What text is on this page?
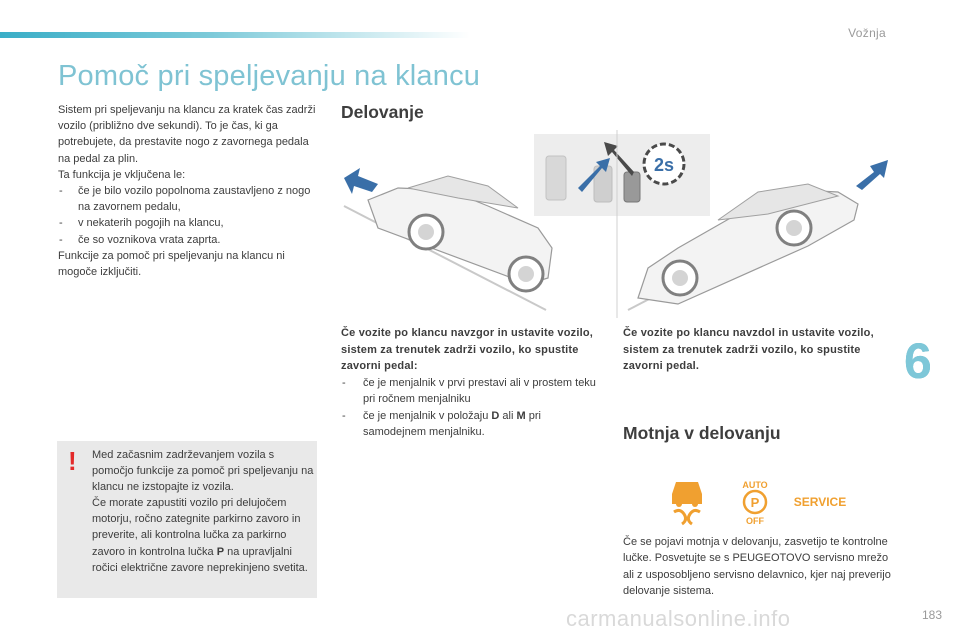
Vožnja
Pomoč pri speljevanju na klancu

Sistem pri speljevanju na klancu za kratek čas zadrži vozilo (približno dve sekundi). To je čas, ki ga potrebujete, da prestavite nogo z zavornega pedala na pedal za plin.

Ta funkcija je vključena le:

- če je bilo vozilo popolnoma zaustavljeno z nogo na zavornem pedalu,
- v nekaterih pogojih na klancu,
- če so voznikova vrata zaprta.

Funkcije za pomoč pri speljevanju na klancu ni mogoče izključiti.

Delovanje
2s

Če vozite po klancu navzgor in ustavite vozilo, sistem za trenutek zadrži vozilo, ko spustite zavorni pedal:

- če je menjalnik v prvi prestavi ali v prostem teku pri ročnem menjalniku
- če je menjalnik v položaju D ali M pri samodejnem menjalniku.

Če vozite po klancu navzdol in ustavite vozilo, sistem za trenutek zadrži vozilo, ko spustite zavorni pedal.

! Med začasnim zadrževanjem vozila s pomočjo funkcije za pomoč pri speljevanju na klancu ne izstopajte iz vozila.

Če morate zapustiti vozilo pri delujočem motorju, ročno zategnite parkirno zavoro in preverite, ali kontrolna lučka za parkirno zavoro in kontrolna lučka P na upravljalni ročici električne zavore neprekinjeno svetita.

Motnja v delovanju
AUTO
P
OFF
SERVICE

Če se pojavi motnja v delovanju, zasvetijo te kontrolne lučke. Posvetujte se s PEUGEOTOVO servisno mrežo ali z usposobljeno servisno delavnico, kjer naj preverijo delovanje sistema.

6
carmanualsonline.info	183
